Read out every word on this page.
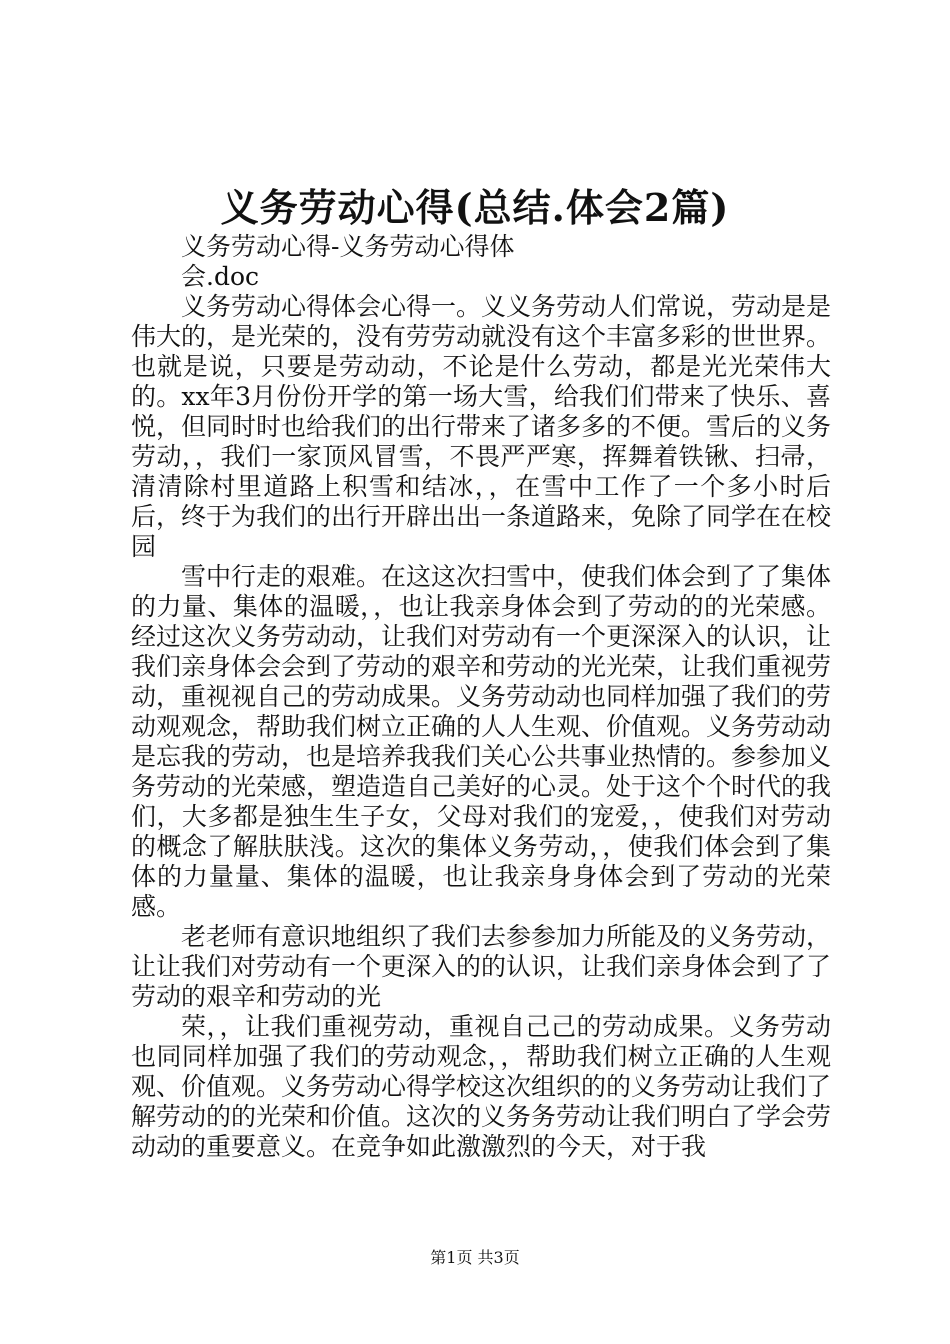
义务劳动心得(总结.体会2篇)

义务劳动心得-义务劳动心得体

会.doc

义务劳动心得体会心得一。义义务劳动人们常说，劳动是是伟大的，是光荣的，没有劳劳动就没有这个丰富多彩的世世界。也就是说，只要是劳动动，不论是什么劳动，都是光光荣伟大的。xx年3月份份开学的第一场大雪，给我们们带来了快乐、喜悦，但同时时也给我们的出行带来了诸多多的不便。雪后的义务劳动，，我们一家顶风冒雪，不畏严严寒，挥舞着铁锹、扫帚，清清除村里道路上积雪和结冰，，在雪中工作了一个多小时后后，终于为我们的出行开辟出出一条道路来，免除了同学在在校园

雪中行走的艰难。在这这次扫雪中，使我们体会到了了集体的力量、集体的温暖，，也让我亲身体会到了劳动的的光荣感。经过这次义务劳动动，让我们对劳动有一个更深深入的认识，让我们亲身体会会到了劳动的艰辛和劳动的光光荣，让我们重视劳动，重视视自己的劳动成果。义务劳动动也同样加强了我们的劳动观观念，帮助我们树立正确的人人生观、价值观。义务劳动动是忘我的劳动，也是培养我我们关心公共事业热情的。参参加义务劳动的光荣感，塑造造自己美好的心灵。处于这个个时代的我们，大多都是独生生子女，父母对我们的宠爱，，使我们对劳动的概念了解肤肤浅。这次的集体义务劳动，，使我们体会到了集体的力量量、集体的温暖，也让我亲身身体会到了劳动的光荣感。

老老师有意识地组织了我们去参参加力所能及的义务劳动，让让我们对劳动有一个更深入的的认识，让我们亲身体会到了了劳动的艰辛和劳动的光

荣，，让我们重视劳动，重视自己己的劳动成果。义务劳动也同同样加强了我们的劳动观念，，帮助我们树立正确的人生观观、价值观。义务劳动心得学校这次组织的的义务劳动让我们了解劳动的的光荣和价值。这次的义务务劳动让我们明白了学会劳动动的重要意义。在竞争如此激激烈的今天，对于我

第1页 共3页
